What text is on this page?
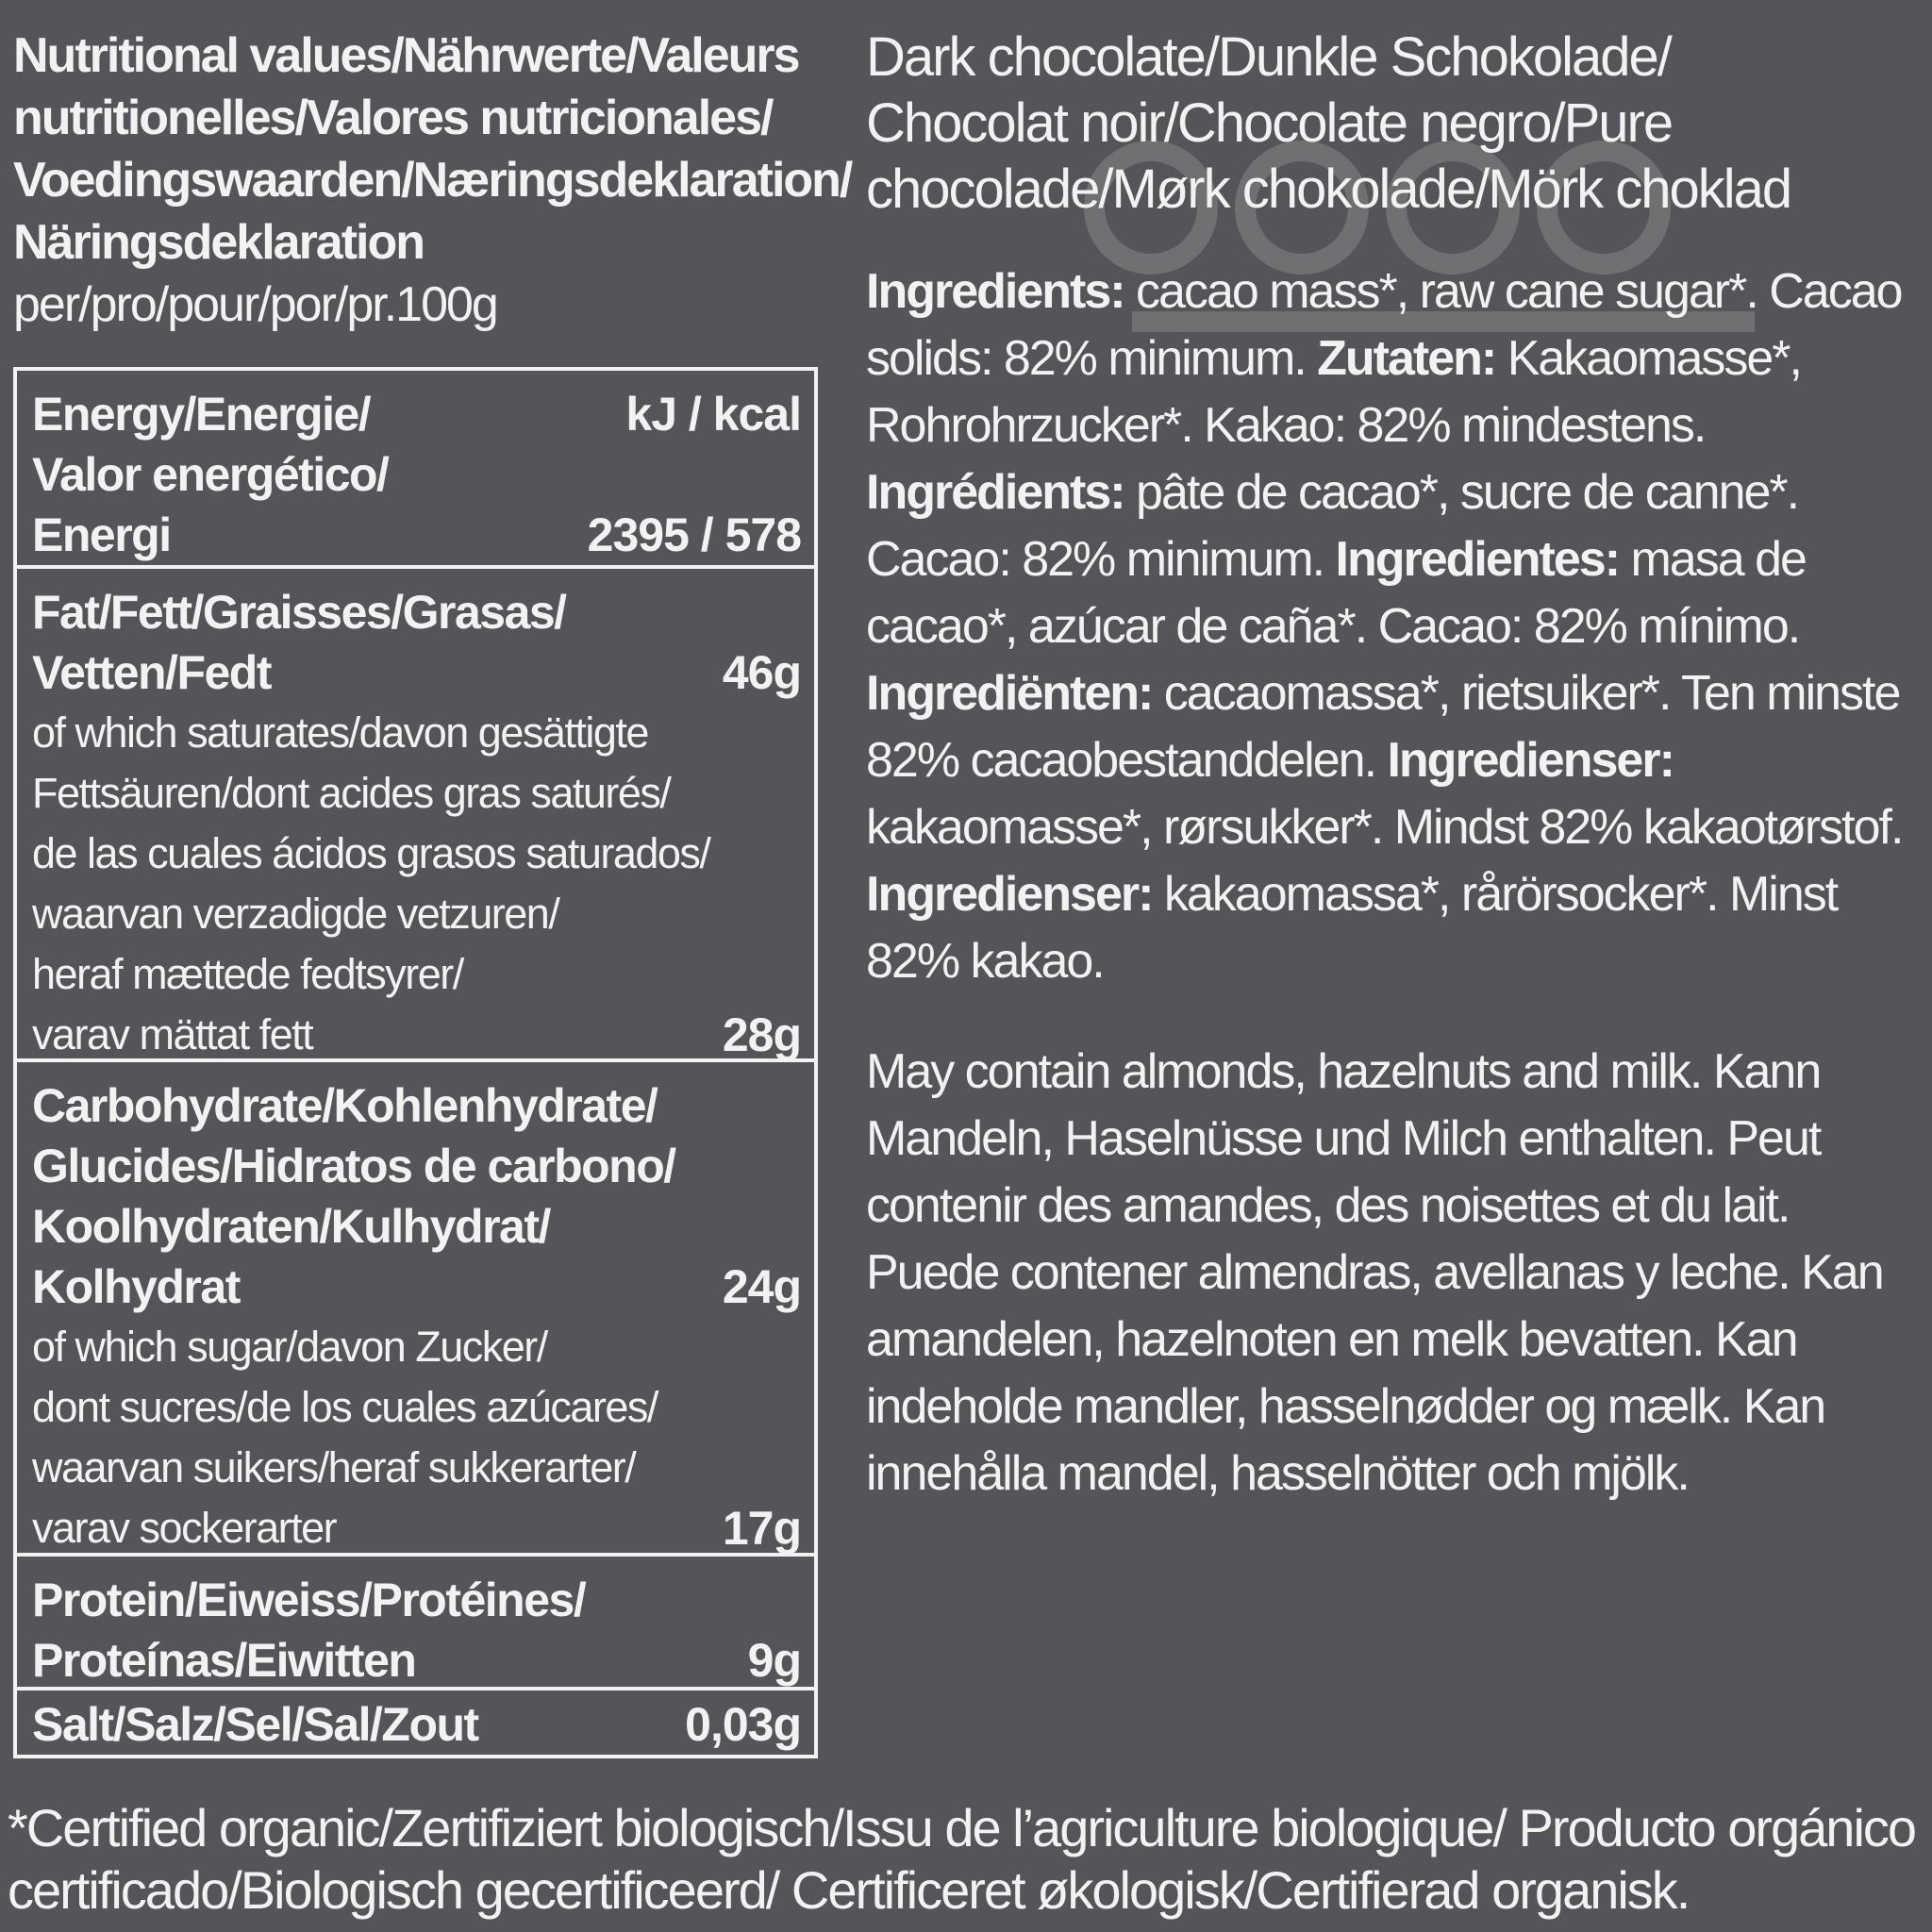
Nutritional values/Nährwerte/Valeurs
nutritionelles/Valores nutricionales/
Voedingswaarden/Næringsdeklaration/
Näringsdeklaration
per/pro/pour/por/pr.100g
Energy/Energie/
Valor energético/
Energi
kJ / kcal
2395 / 578
Fat/Fett/Graisses/Grasas/
Vetten/Fedt
of which saturates/davon gesättigte
Fettsäuren/dont acides gras saturés/
de las cuales ácidos grasos saturados/
waarvan verzadigde vetzuren/
heraf mættede fedtsyrer/
varav mättat fett
46g
28g
Carbohydrate/Kohlenhydrate/
Glucides/Hidratos de carbono/
Koolhydraten/Kulhydrat/
Kolhydrat
of which sugar/davon Zucker/
dont sucres/de los cuales azúcares/
waarvan suikers/heraf sukkerarter/
varav sockerarter
24g
17g
Protein/Eiweiss/Protéines/
Proteínas/Eiwitten	9g
Salt/Salz/Sel/Sal/Zout	0,03g
Dark chocolate/Dunkle Schokolade/
Chocolat noir/Chocolate negro/Pure
chocolade/Mørk chokolade/Mörk choklad
Ingredients: cacao mass*, raw cane sugar*. Cacao solids: 82% minimum. Zutaten: Kakaomasse*, Rohrohrzucker*. Kakao: 82% mindestens. Ingrédients: pâte de cacao*, sucre de canne*. Cacao: 82% minimum. Ingredientes: masa de cacao*, azúcar de caña*. Cacao: 82% mínimo. Ingrediënten: cacaomassa*, rietsuiker*. Ten minste 82% cacaobestanddelen. Ingredienser: kakaomasse*, rørsukker*. Mindst 82% kakaotørstof. Ingredienser: kakaomassa*, rårörsocker*. Minst 82% kakao.
May contain almonds, hazelnuts and milk. Kann Mandeln, Haselnüsse und Milch enthalten. Peut contenir des amandes, des noisettes et du lait. Puede contener almendras, avellanas y leche. Kan amandelen, hazelnoten en melk bevatten. Kan indeholde mandler, hasselnødder og mælk. Kan innehålla mandel, hasselnötter och mjölk.
*Certified organic/Zertifiziert biologisch/Issu de l’agriculture biologique/ Producto orgánico certificado/Biologisch gecertificeerd/ Certificeret økologisk/Certifierad organisk.
